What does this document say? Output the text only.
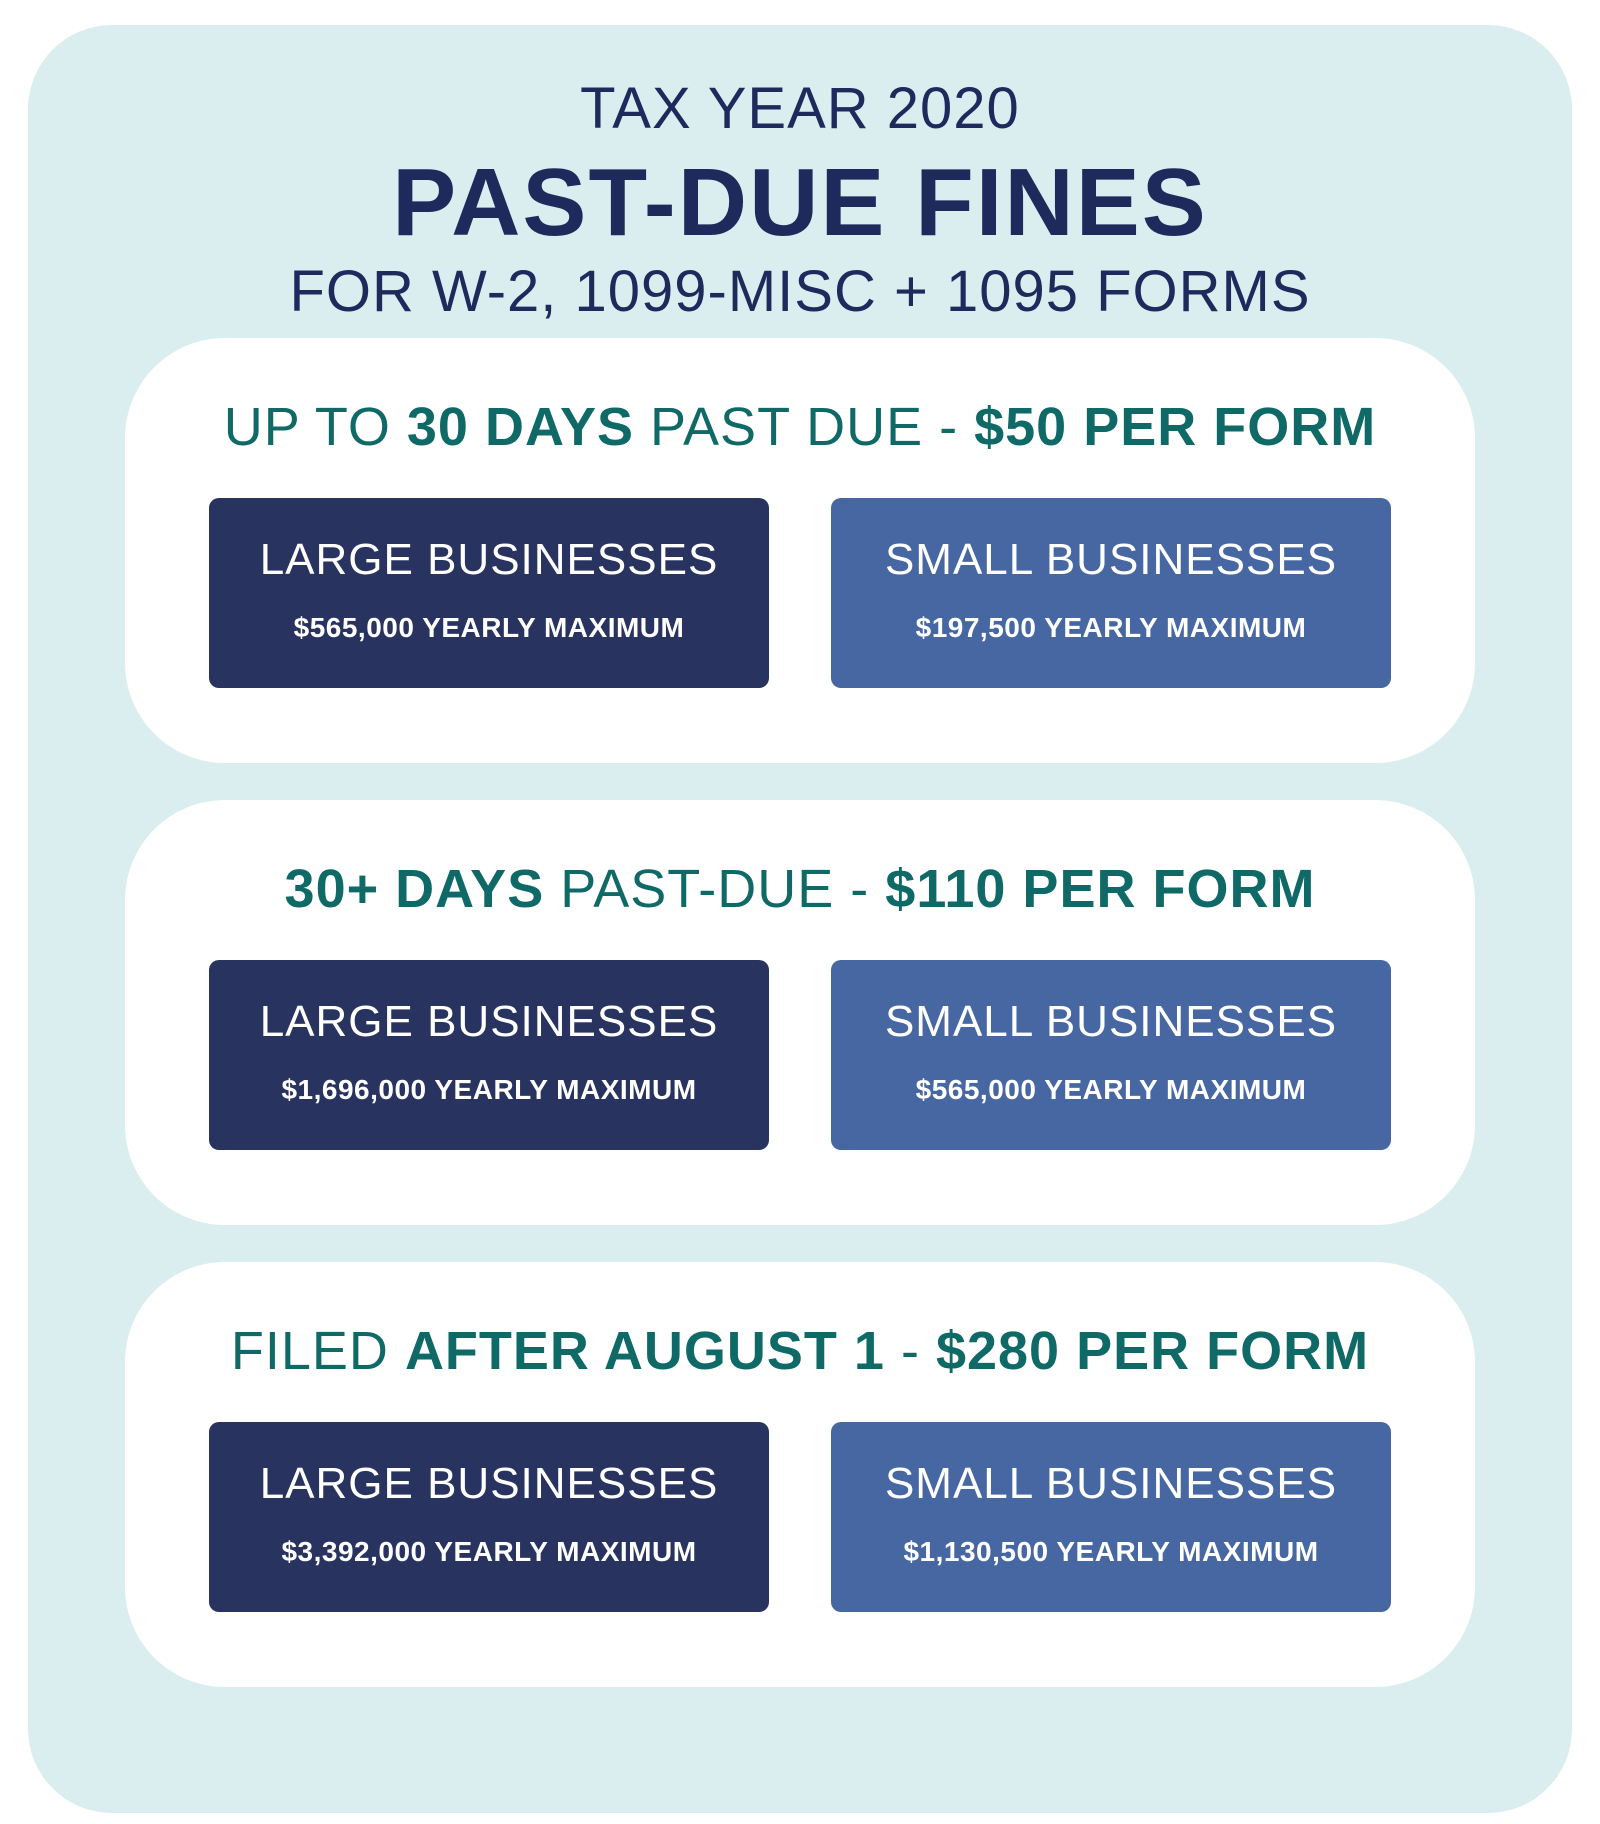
TAX YEAR 2020
PAST-DUE FINES
FOR W-2, 1099-MISC + 1095 FORMS
UP TO 30 DAYS PAST DUE - $50 PER FORM
LARGE BUSINESSES
$565,000 YEARLY MAXIMUM
SMALL BUSINESSES
$197,500 YEARLY MAXIMUM
30+ DAYS PAST-DUE - $110 PER FORM
LARGE BUSINESSES
$1,696,000 YEARLY MAXIMUM
SMALL BUSINESSES
$565,000 YEARLY MAXIMUM
FILED AFTER AUGUST 1 - $280 PER FORM
LARGE BUSINESSES
$3,392,000 YEARLY MAXIMUM
SMALL BUSINESSES
$1,130,500 YEARLY MAXIMUM
